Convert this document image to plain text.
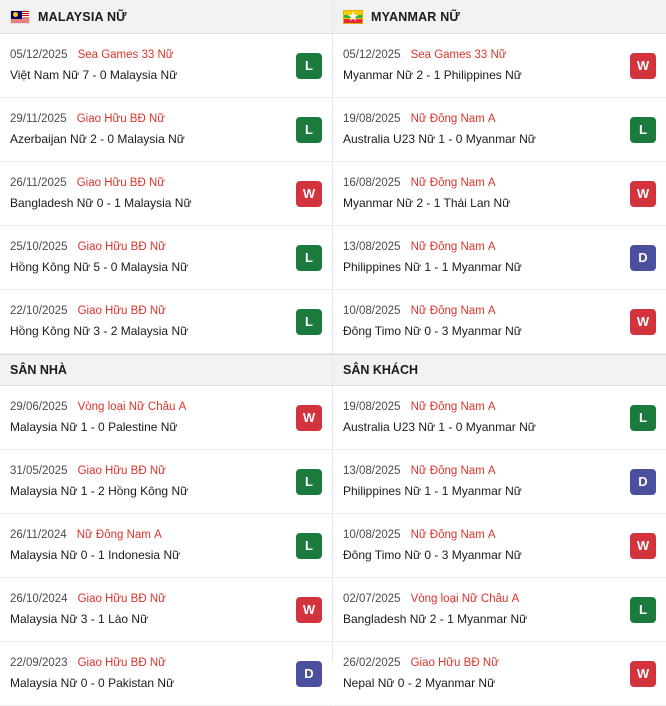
MALAYSIA NỮ
05/12/2025 Sea Games 33 Nữ
Việt Nam Nữ 7 - 0 Malaysia Nữ
L
29/11/2025 Giao Hữu BĐ Nữ
Azerbaijan Nữ 2 - 0 Malaysia Nữ
L
26/11/2025 Giao Hữu BĐ Nữ
Bangladesh Nữ 0 - 1 Malaysia Nữ
W
25/10/2025 Giao Hữu BĐ Nữ
Hồng Kông Nữ 5 - 0 Malaysia Nữ
L
22/10/2025 Giao Hữu BĐ Nữ
Hồng Kông Nữ 3 - 2 Malaysia Nữ
L
SÂN NHÀ
29/06/2025 Vòng loại Nữ Châu Á
Malaysia Nữ 1 - 0 Palestine Nữ
W
31/05/2025 Giao Hữu BĐ Nữ
Malaysia Nữ 1 - 2 Hồng Kông Nữ
L
26/11/2024 Nữ Đông Nam Á
Malaysia Nữ 0 - 1 Indonesia Nữ
L
26/10/2024 Giao Hữu BĐ Nữ
Malaysia Nữ 3 - 1 Lào Nữ
W
22/09/2023 Giao Hữu BĐ Nữ
Malaysia Nữ 0 - 0 Pakistan Nữ
D
MYANMAR NỮ
05/12/2025 Sea Games 33 Nữ
Myanmar Nữ 2 - 1 Philippines Nữ
W
19/08/2025 Nữ Đông Nam Á
Australia U23 Nữ 1 - 0 Myanmar Nữ
L
16/08/2025 Nữ Đông Nam Á
Myanmar Nữ 2 - 1 Thái Lan Nữ
W
13/08/2025 Nữ Đông Nam Á
Philippines Nữ 1 - 1 Myanmar Nữ
D
10/08/2025 Nữ Đông Nam Á
Đông Timo Nữ 0 - 3 Myanmar Nữ
W
SÂN KHÁCH
19/08/2025 Nữ Đông Nam Á
Australia U23 Nữ 1 - 0 Myanmar Nữ
L
13/08/2025 Nữ Đông Nam Á
Philippines Nữ 1 - 1 Myanmar Nữ
D
10/08/2025 Nữ Đông Nam Á
Đông Timo Nữ 0 - 3 Myanmar Nữ
W
02/07/2025 Vòng loại Nữ Châu Á
Bangladesh Nữ 2 - 1 Myanmar Nữ
L
26/02/2025 Giao Hữu BĐ Nữ
Nepal Nữ 0 - 2 Myanmar Nữ
W
